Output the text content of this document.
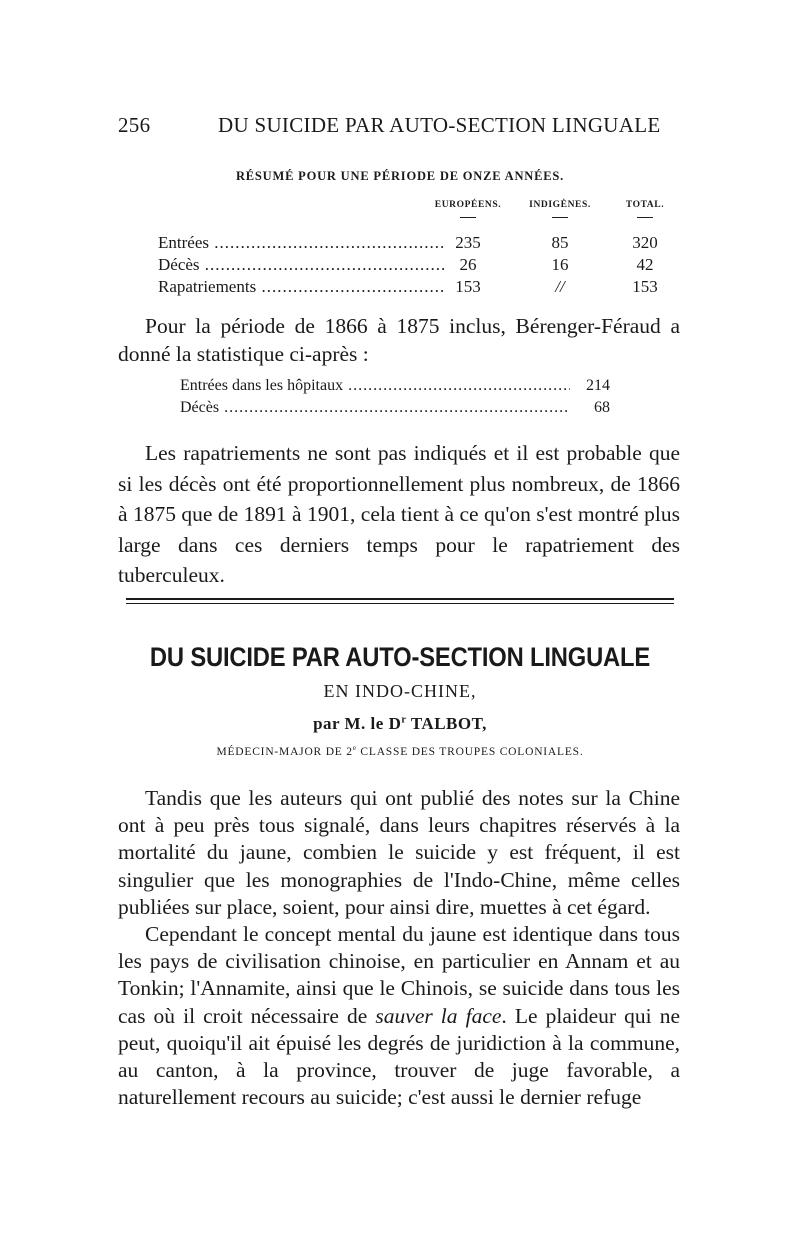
256	DU SUICIDE PAR AUTO-SECTION LINGUALE
RÉSUMÉ POUR UNE PÉRIODE DE ONZE ANNÉES.
EUROPÉENS.	INDIGÈNES.	TOTAL.
Entrées .....	235	85	320
Décès .....	26	16	42
Rapatriements .....	153	//	153
Pour la période de 1866 à 1875 inclus, Bérenger-Féraud a donné la statistique ci-après :
Entrées dans les hôpitaux .....	214
Décès .....	68
Les rapatriements ne sont pas indiqués et il est probable que si les décès ont été proportionnellement plus nombreux, de 1866 à 1875 que de 1891 à 1901, cela tient à ce qu'on s'est montré plus large dans ces derniers temps pour le rapatriement des tuberculeux.
DU SUICIDE PAR AUTO-SECTION LINGUALE
EN INDO-CHINE,
par M. le $D^r$ TALBOT,
MÉDECIN-MAJOR DE 2e CLASSE DES TROUPES COLONIALES.

Tandis que les auteurs qui ont publié des notes sur la Chine ont à peu près tous signalé, dans leurs chapitres réservés à la mortalité du jaune, combien le suicide y est fréquent, il est singulier que les monographies de l'Indo-Chine, même celles publiées sur place, soient, pour ainsi dire, muettes à cet égard.

Cependant le concept mental du jaune est identique dans tous les pays de civilisation chinoise, en particulier en Annam et au Tonkin; l'Annamite, ainsi que le Chinois, se suicide dans tous les cas où il croit nécessaire de sauver la face. Le plaideur qui ne peut, quoiqu'il ait épuisé les degrés de juridiction à la commune, au canton, à la province, trouver de juge favorable, a naturellement recours au suicide; c'est aussi le dernier refuge
